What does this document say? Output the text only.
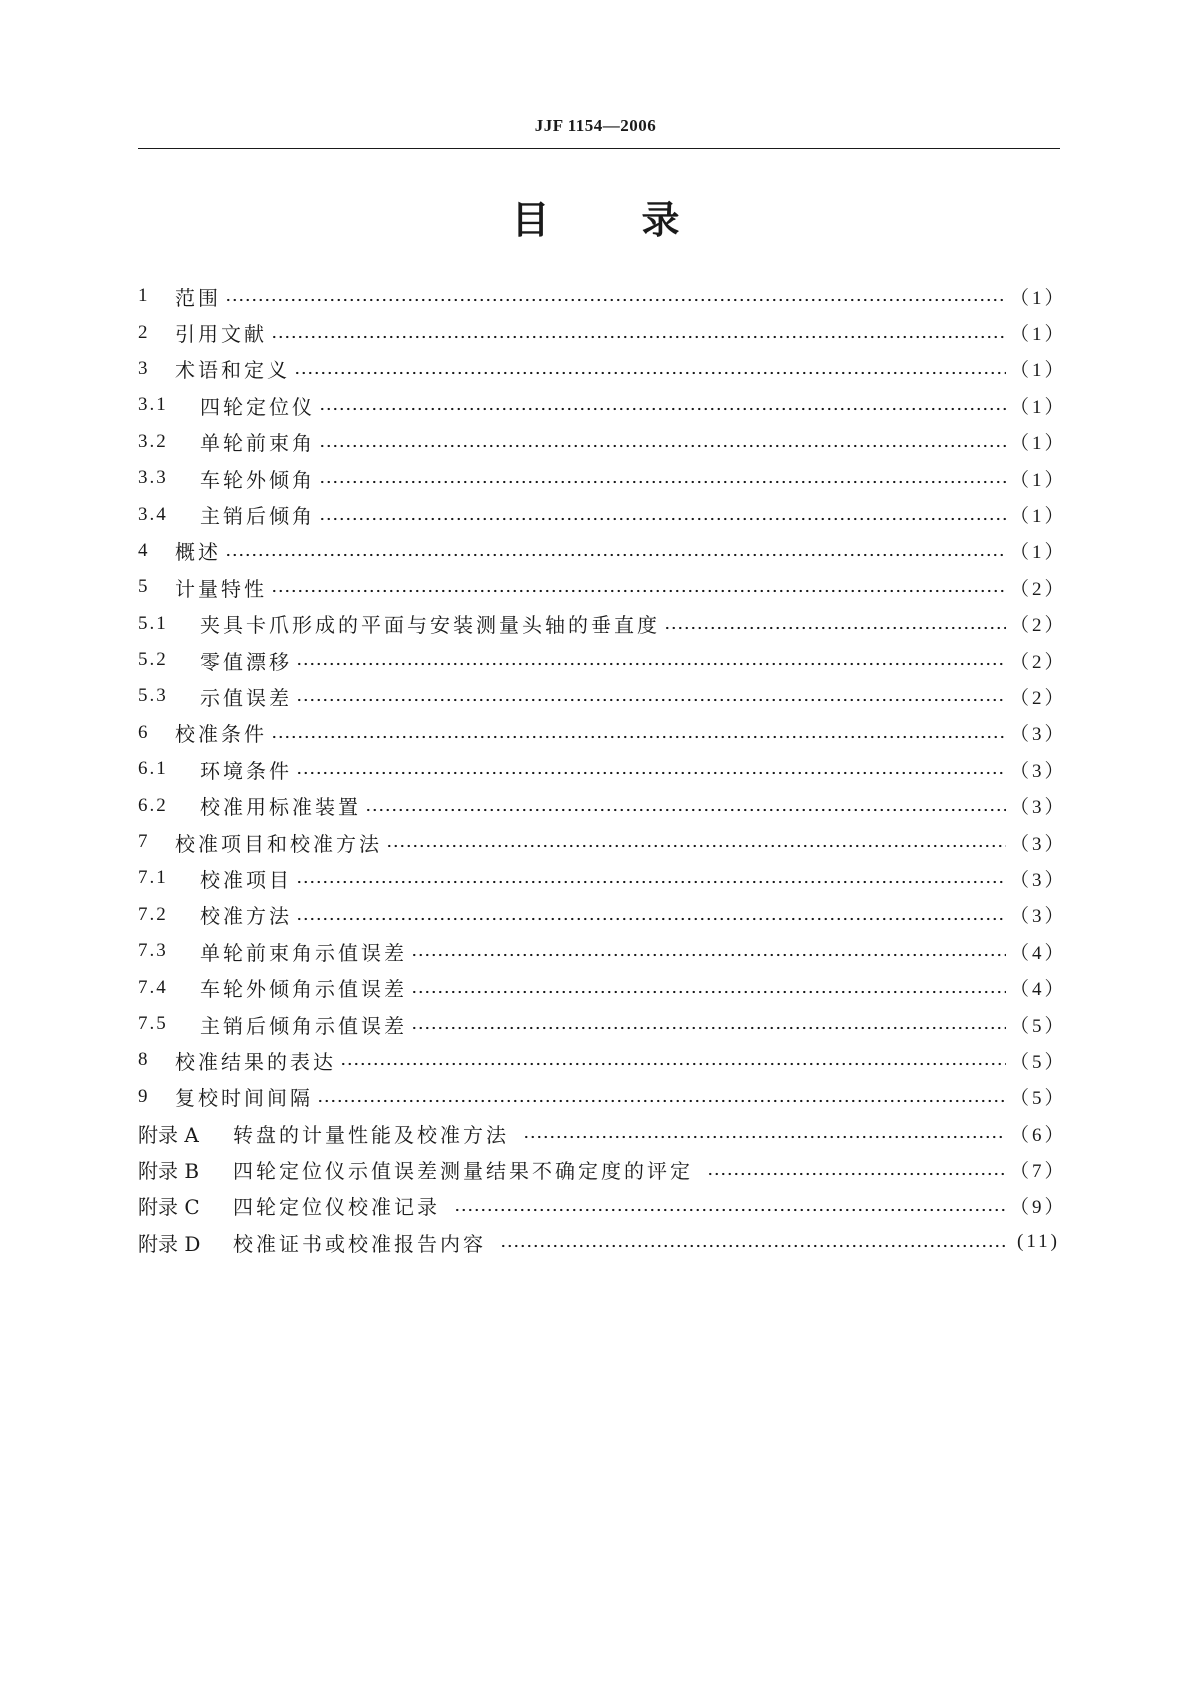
JJF 1154—2006
目 录
1	范围	（1）
2	引用文献	（1）
3	术语和定义	（1）
3.1	四轮定位仪	（1）
3.2	单轮前束角	（1）
3.3	车轮外倾角	（1）
3.4	主销后倾角	（1）
4	概述	（1）
5	计量特性	（2）
5.1	夹具卡爪形成的平面与安装测量头轴的垂直度	（2）
5.2	零值漂移	（2）
5.3	示值误差	（2）
6	校准条件	（3）
6.1	环境条件	（3）
6.2	校准用标准装置	（3）
7	校准项目和校准方法	（3）
7.1	校准项目	（3）
7.2	校准方法	（3）
7.3	单轮前束角示值误差	（4）
7.4	车轮外倾角示值误差	（4）
7.5	主销后倾角示值误差	（5）
8	校准结果的表达	（5）
9	复校时间间隔	（5）
附录 A	转盘的计量性能及校准方法	（6）
附录 B	四轮定位仪示值误差测量结果不确定度的评定	（7）
附录 C	四轮定位仪校准记录	（9）
附录 D	校准证书或校准报告内容	(11)
